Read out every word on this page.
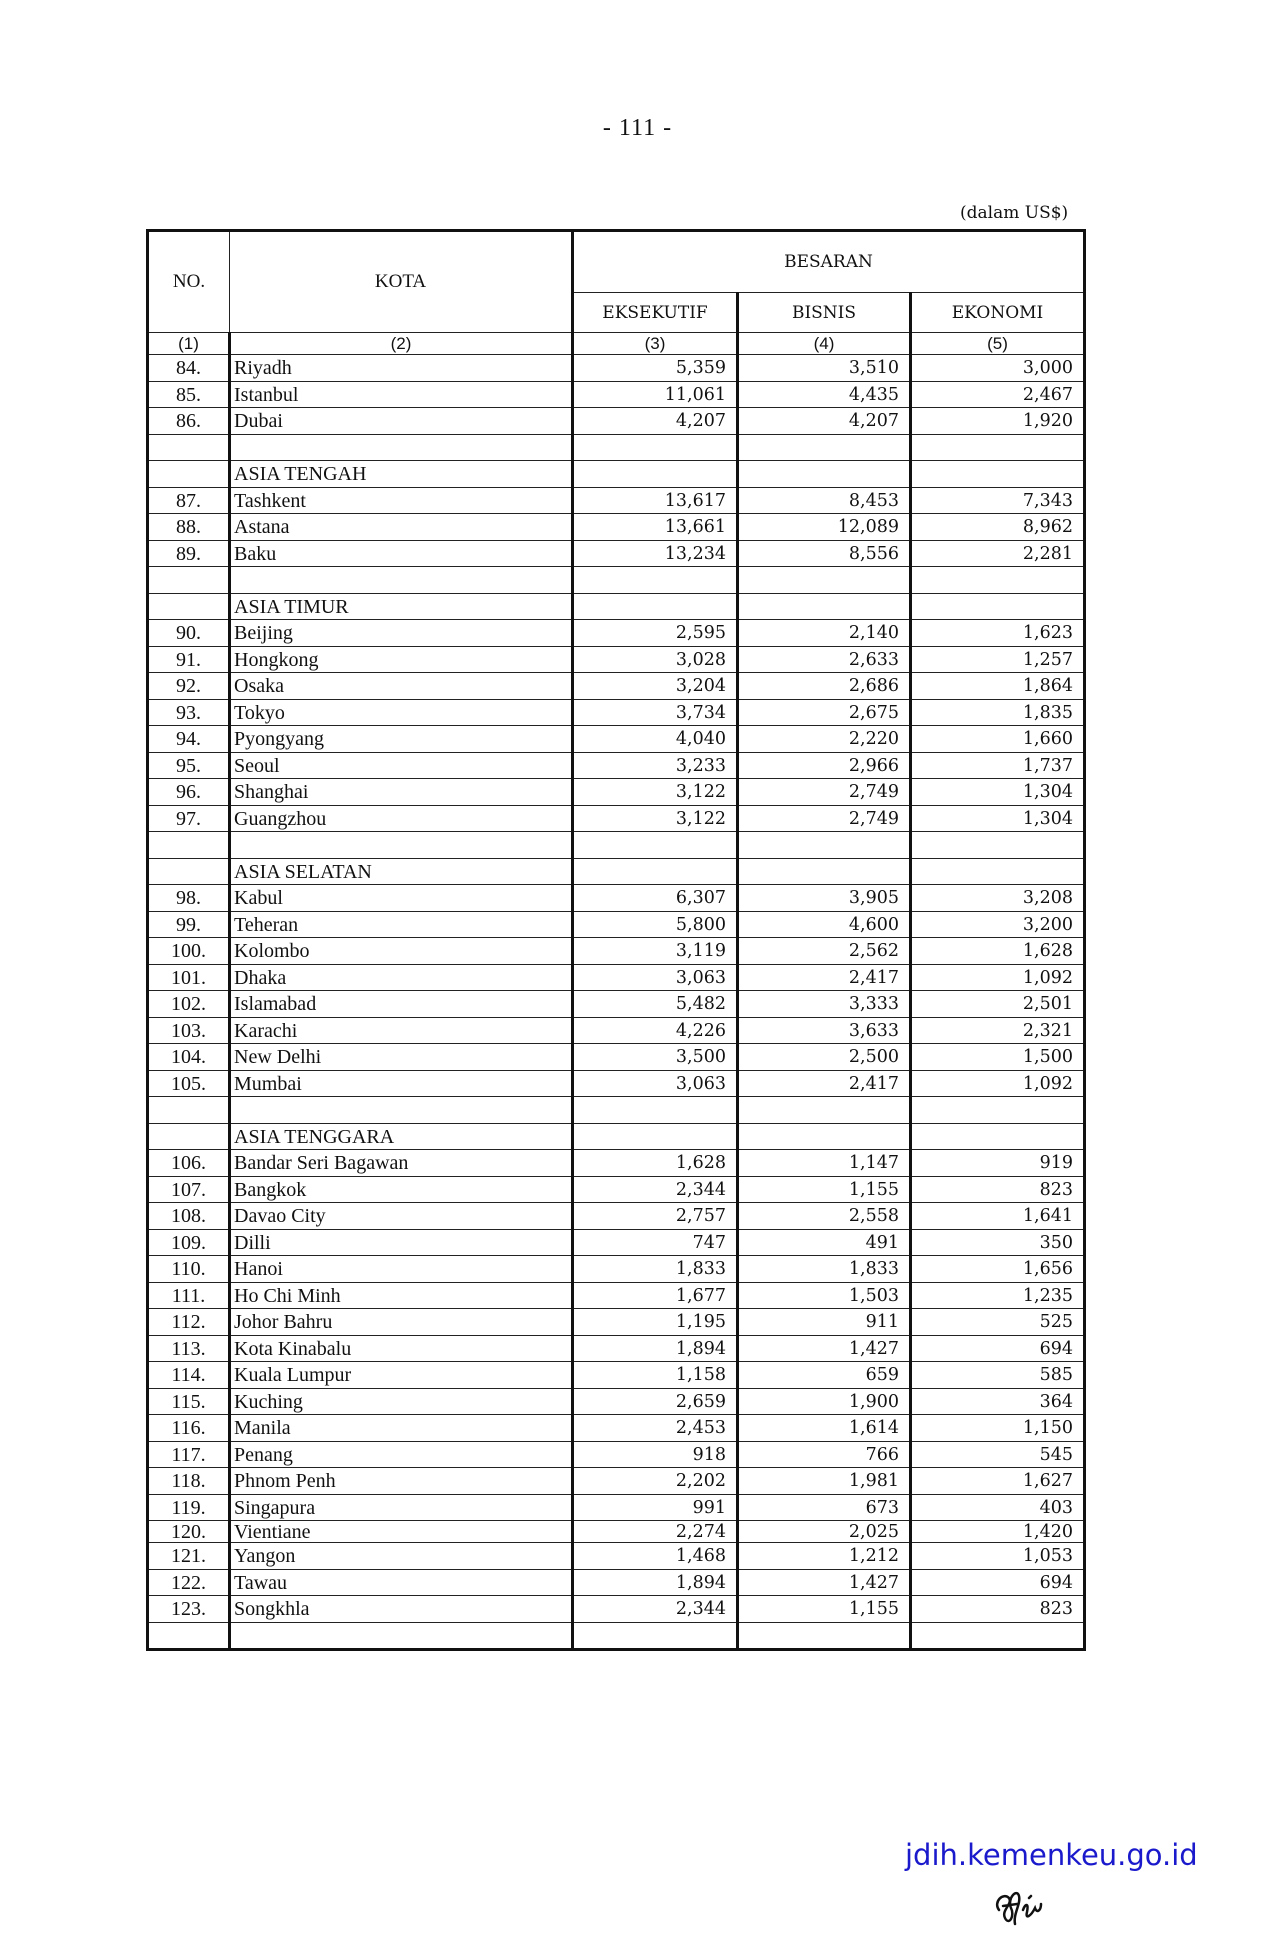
- 111 -
(dalam US$)
NO.	KOTA	BESARAN		
		EKSEKUTIF	BISNIS	EKONOMI
(1)	(2)	(3)	(4)	(5)
84.	Riyadh	5,359	3,510	3,000
85.	Istanbul	11,061	4,435	2,467
86.	Dubai	4,207	4,207	1,920

	ASIA TENGAH			
87.	Tashkent	13,617	8,453	7,343
88.	Astana	13,661	12,089	8,962
89.	Baku	13,234	8,556	2,281

	ASIA TIMUR			
90.	Beijing	2,595	2,140	1,623
91.	Hongkong	3,028	2,633	1,257
92.	Osaka	3,204	2,686	1,864
93.	Tokyo	3,734	2,675	1,835
94.	Pyongyang	4,040	2,220	1,660
95.	Seoul	3,233	2,966	1,737
96.	Shanghai	3,122	2,749	1,304
97.	Guangzhou	3,122	2,749	1,304

	ASIA SELATAN			
98.	Kabul	6,307	3,905	3,208
99.	Teheran	5,800	4,600	3,200
100.	Kolombo	3,119	2,562	1,628
101.	Dhaka	3,063	2,417	1,092
102.	Islamabad	5,482	3,333	2,501
103.	Karachi	4,226	3,633	2,321
104.	New Delhi	3,500	2,500	1,500
105.	Mumbai	3,063	2,417	1,092

	ASIA TENGGARA			
106.	Bandar Seri Bagawan	1,628	1,147	919
107.	Bangkok	2,344	1,155	823
108.	Davao City	2,757	2,558	1,641
109.	Dilli	747	491	350
110.	Hanoi	1,833	1,833	1,656
111.	Ho Chi Minh	1,677	1,503	1,235
112.	Johor Bahru	1,195	911	525
113.	Kota Kinabalu	1,894	1,427	694
114.	Kuala Lumpur	1,158	659	585
115.	Kuching	2,659	1,900	364
116.	Manila	2,453	1,614	1,150
117.	Penang	918	766	545
118.	Phnom Penh	2,202	1,981	1,627
119.	Singapura	991	673	403
120.	Vientiane	2,274	2,025	1,420
121.	Yangon	1,468	1,212	1,053
122.	Tawau	1,894	1,427	694
123.	Songkhla	2,344	1,155	823

jdih.kemenkeu.go.id
